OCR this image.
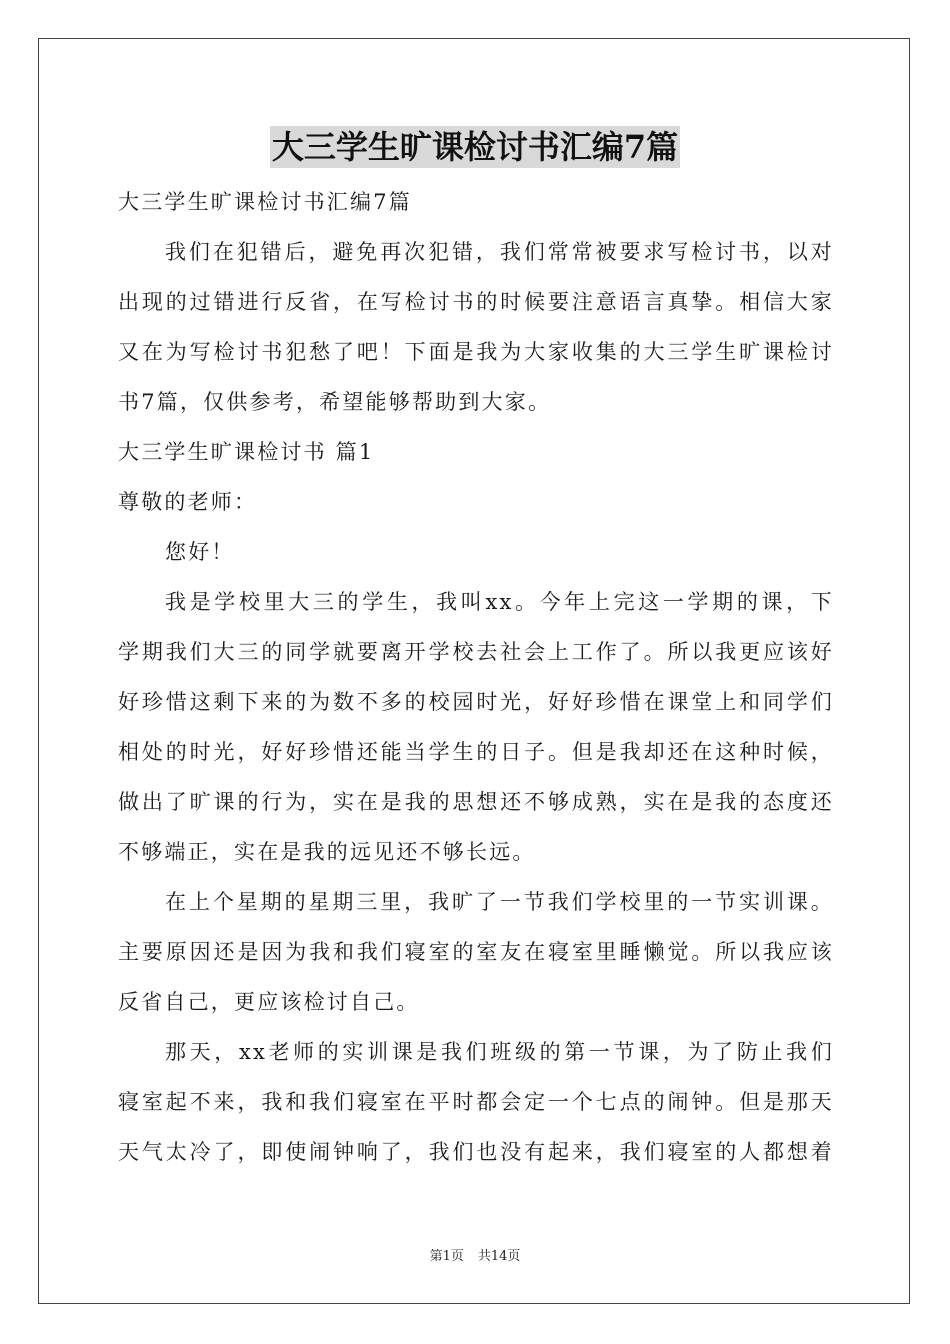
大三学生旷课检讨书汇编7篇
大三学生旷课检讨书汇编7篇
我们在犯错后，避免再次犯错，我们常常被要求写检讨书，以对
出现的过错进行反省，在写检讨书的时候要注意语言真挚。相信大家
又在为写检讨书犯愁了吧！下面是我为大家收集的大三学生旷课检讨
书7篇，仅供参考，希望能够帮助到大家。
大三学生旷课检讨书 篇1
尊敬的老师：
您好！
我是学校里大三的学生，我叫xx。今年上完这一学期的课，下
学期我们大三的同学就要离开学校去社会上工作了。所以我更应该好
好珍惜这剩下来的为数不多的校园时光，好好珍惜在课堂上和同学们
相处的时光，好好珍惜还能当学生的日子。但是我却还在这种时候，
做出了旷课的行为，实在是我的思想还不够成熟，实在是我的态度还
不够端正，实在是我的远见还不够长远。
在上个星期的星期三里，我旷了一节我们学校里的一节实训课。
主要原因还是因为我和我们寝室的室友在寝室里睡懒觉。所以我应该
反省自己，更应该检讨自己。
那天，xx老师的实训课是我们班级的第一节课，为了防止我们
寝室起不来，我和我们寝室在平时都会定一个七点的闹钟。但是那天
天气太冷了，即使闹钟响了，我们也没有起来，我们寝室的人都想着
第1页 共14页
